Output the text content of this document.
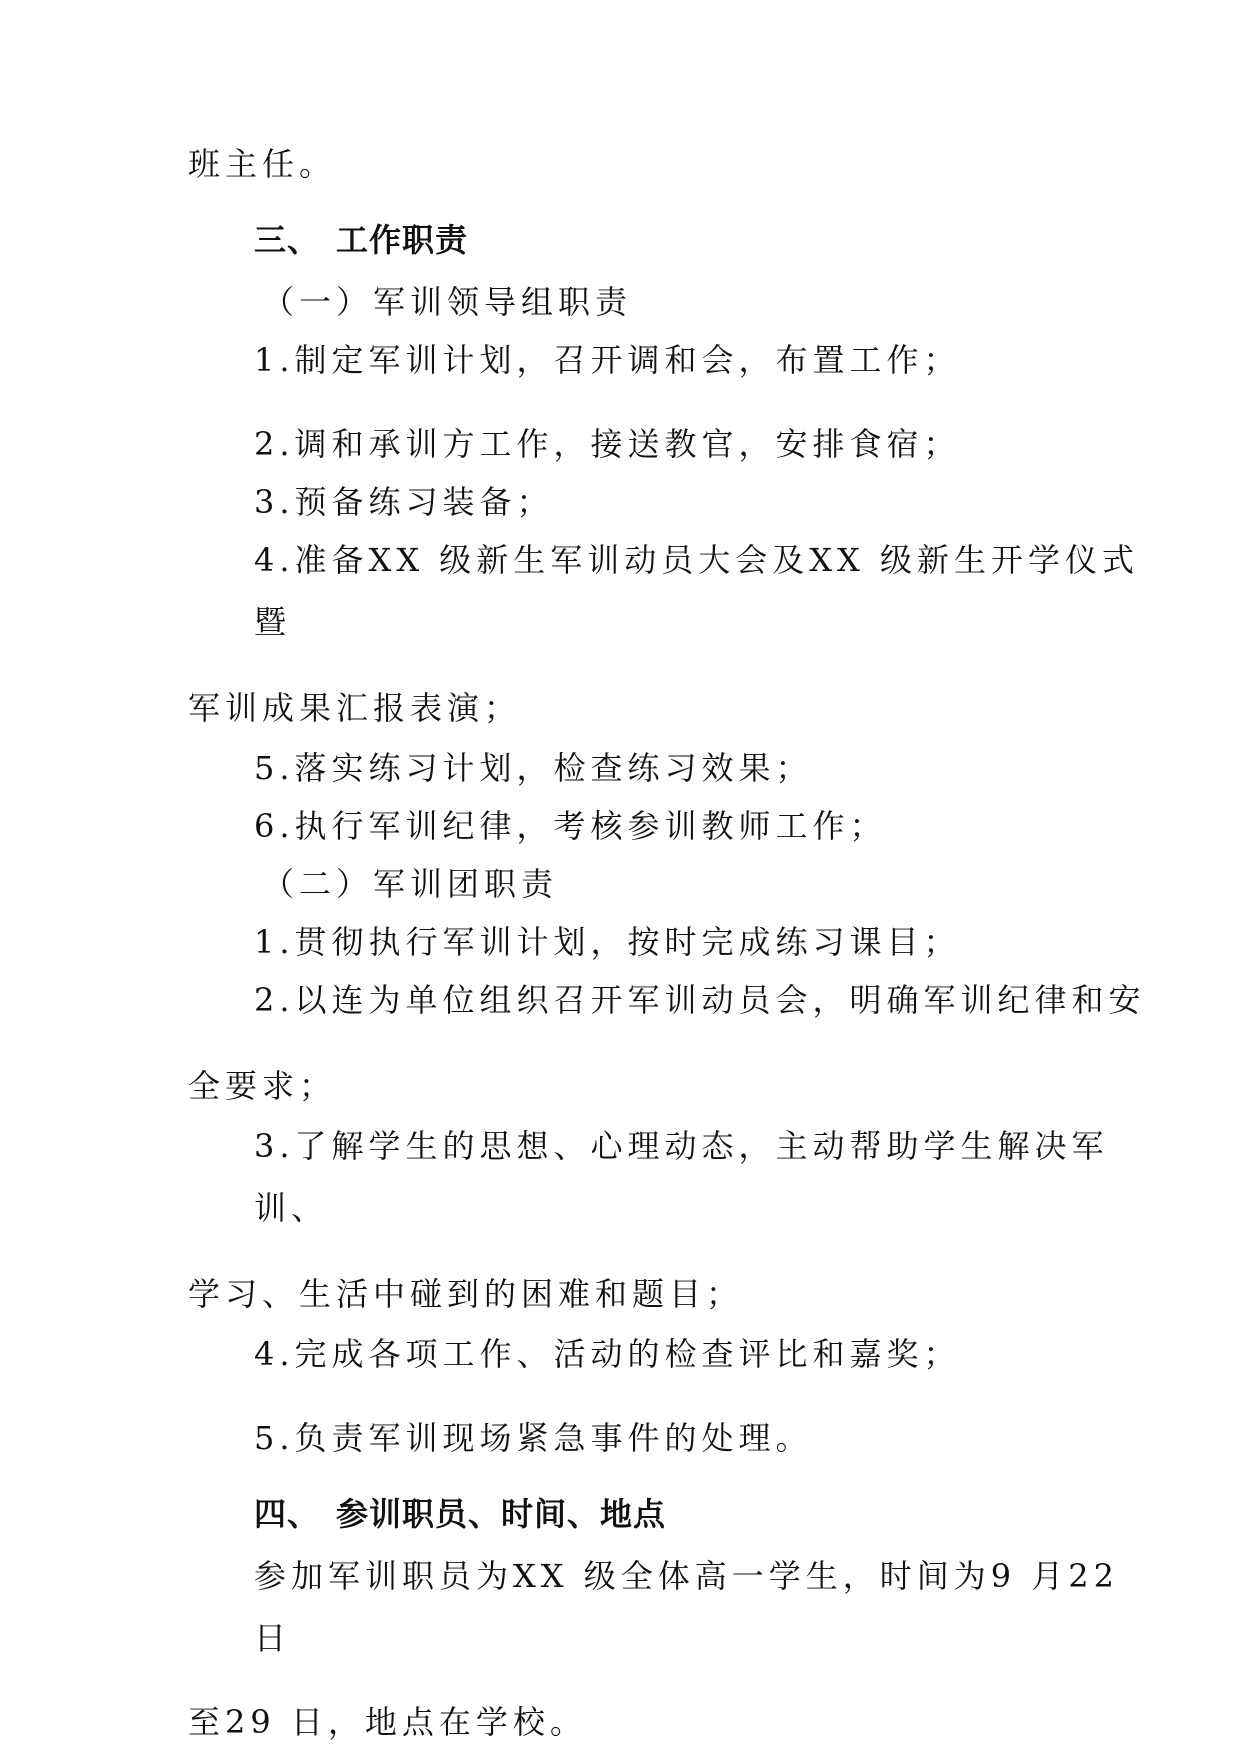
班主任。
三、 工作职责
（一）军训领导组职责
1.制定军训计划，召开调和会，布置工作；
2.调和承训方工作，接送教官，安排食宿；
3.预备练习装备；
4.准备XX 级新生军训动员大会及XX 级新生开学仪式
暨
军训成果汇报表演；
5.落实练习计划，检查练习效果；
6.执行军训纪律，考核参训教师工作；
（二）军训团职责
1.贯彻执行军训计划，按时完成练习课目；
2.以连为单位组织召开军训动员会，明确军训纪律和安
全要求；
3.了解学生的思想、心理动态，主动帮助学生解决军
训、
学习、生活中碰到的困难和题目；
4.完成各项工作、活动的检查评比和嘉奖；
5.负责军训现场紧急事件的处理。
四、 参训职员、时间、地点
参加军训职员为XX 级全体高一学生，时间为9 月22
日
至29 日，地点在学校。
